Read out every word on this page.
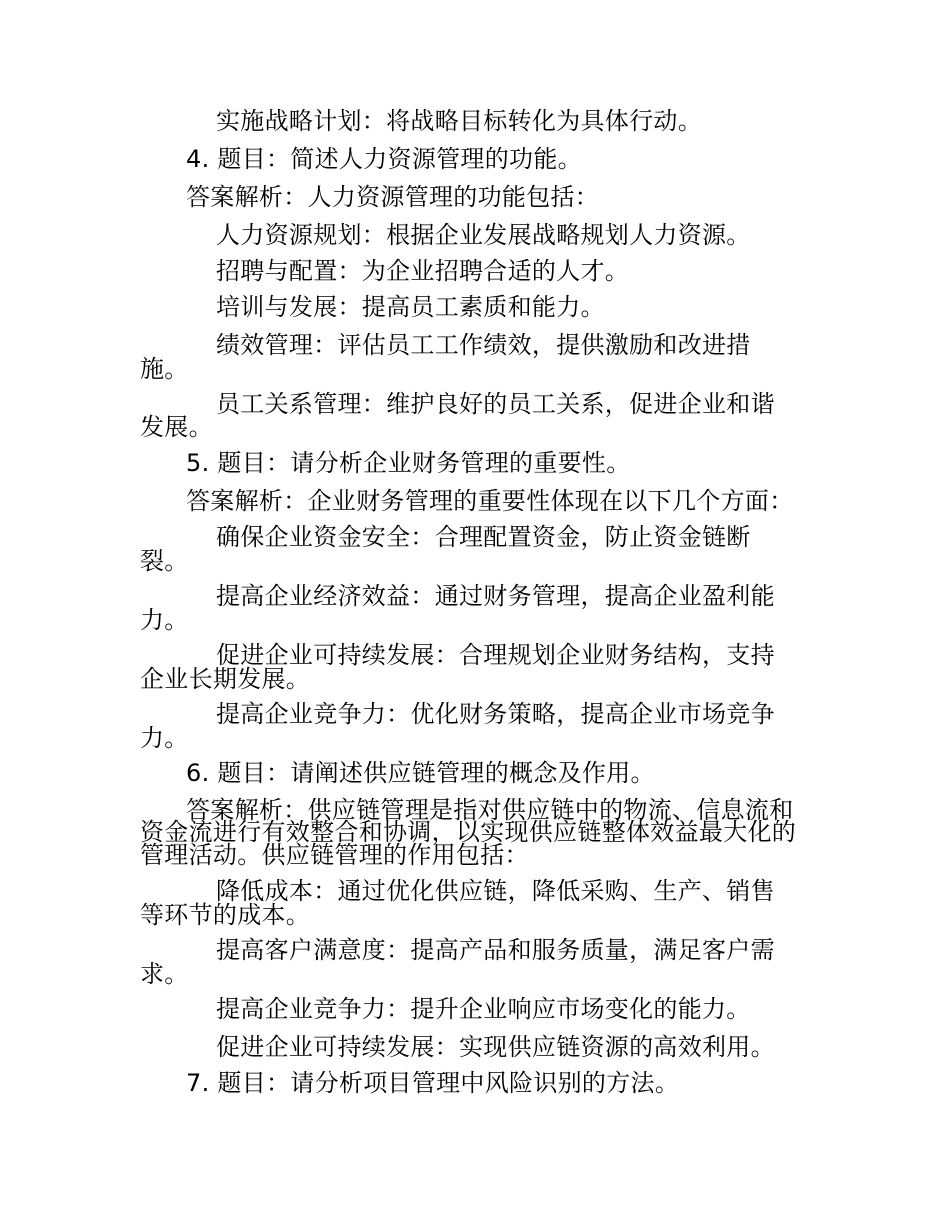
实施战略计划：将战略目标转化为具体行动。
4. 题目：简述人力资源管理的功能。
答案解析：人力资源管理的功能包括：
人力资源规划：根据企业发展战略规划人力资源。
招聘与配置：为企业招聘合适的人才。
培训与发展：提高员工素质和能力。
绩效管理：评估员工工作绩效，提供激励和改进措
施。
员工关系管理：维护良好的员工关系，促进企业和谐
发展。
5. 题目：请分析企业财务管理的重要性。
答案解析：企业财务管理的重要性体现在以下几个方面：
确保企业资金安全：合理配置资金，防止资金链断
裂。
提高企业经济效益：通过财务管理，提高企业盈利能
力。
促进企业可持续发展：合理规划企业财务结构，支持
企业长期发展。
提高企业竞争力：优化财务策略，提高企业市场竞争
力。
6. 题目：请阐述供应链管理的概念及作用。
答案解析：供应链管理是指对供应链中的物流、信息流和
资金流进行有效整合和协调，以实现供应链整体效益最大化的
管理活动。供应链管理的作用包括：
降低成本：通过优化供应链，降低采购、生产、销售
等环节的成本。
提高客户满意度：提高产品和服务质量，满足客户需
求。
提高企业竞争力：提升企业响应市场变化的能力。
促进企业可持续发展：实现供应链资源的高效利用。
7. 题目：请分析项目管理中风险识别的方法。
